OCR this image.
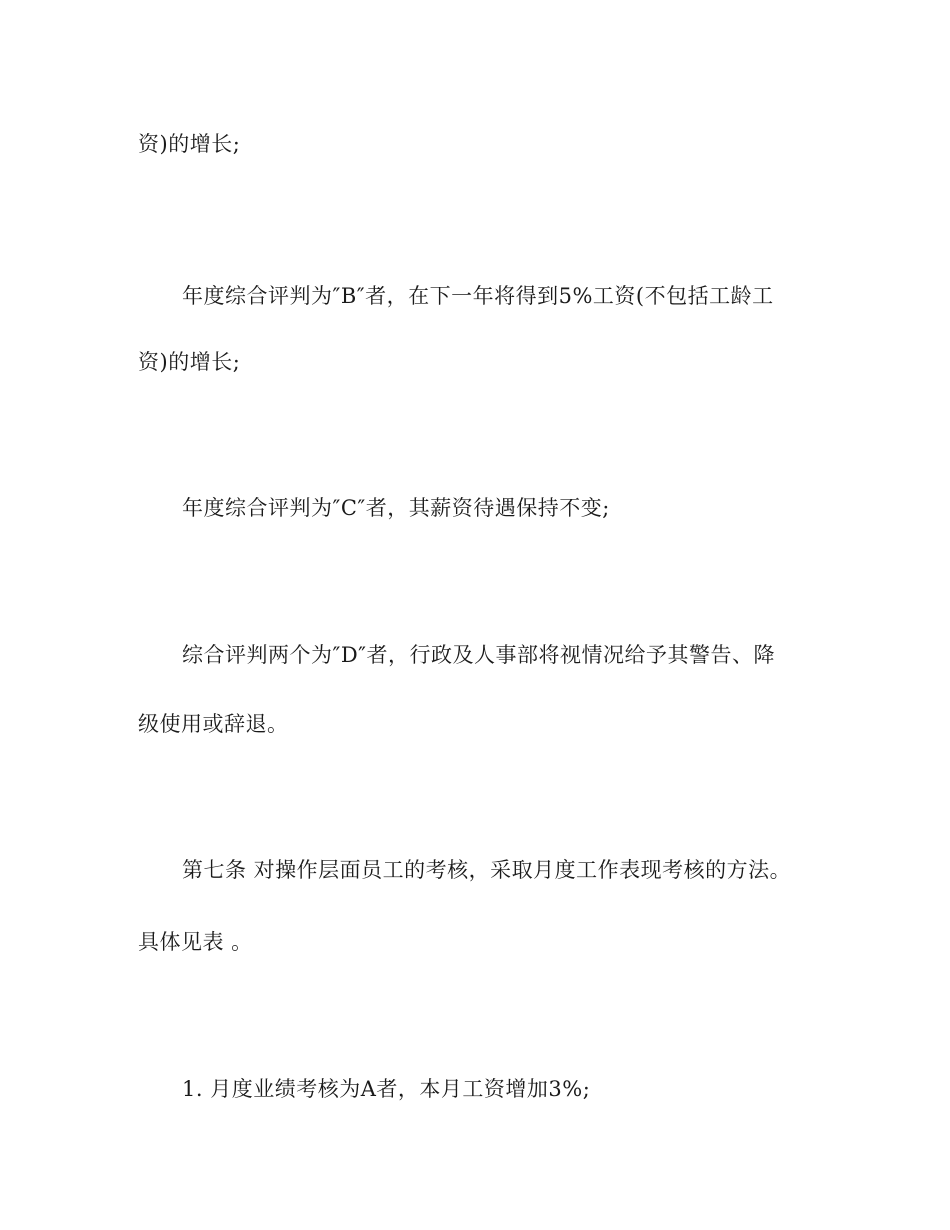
资)的增长;

年度综合评判为″B″者，在下一年将得到5%工资(不包括工龄工

资)的增长;

年度综合评判为″C″者，其薪资待遇保持不变;

综合评判两个为″D″者，行政及人事部将视情况给予其警告、降

级使用或辞退。

第七条 对操作层面员工的考核，采取月度工作表现考核的方法。

具体见表 。

1. 月度业绩考核为A者，本月工资增加3%;
